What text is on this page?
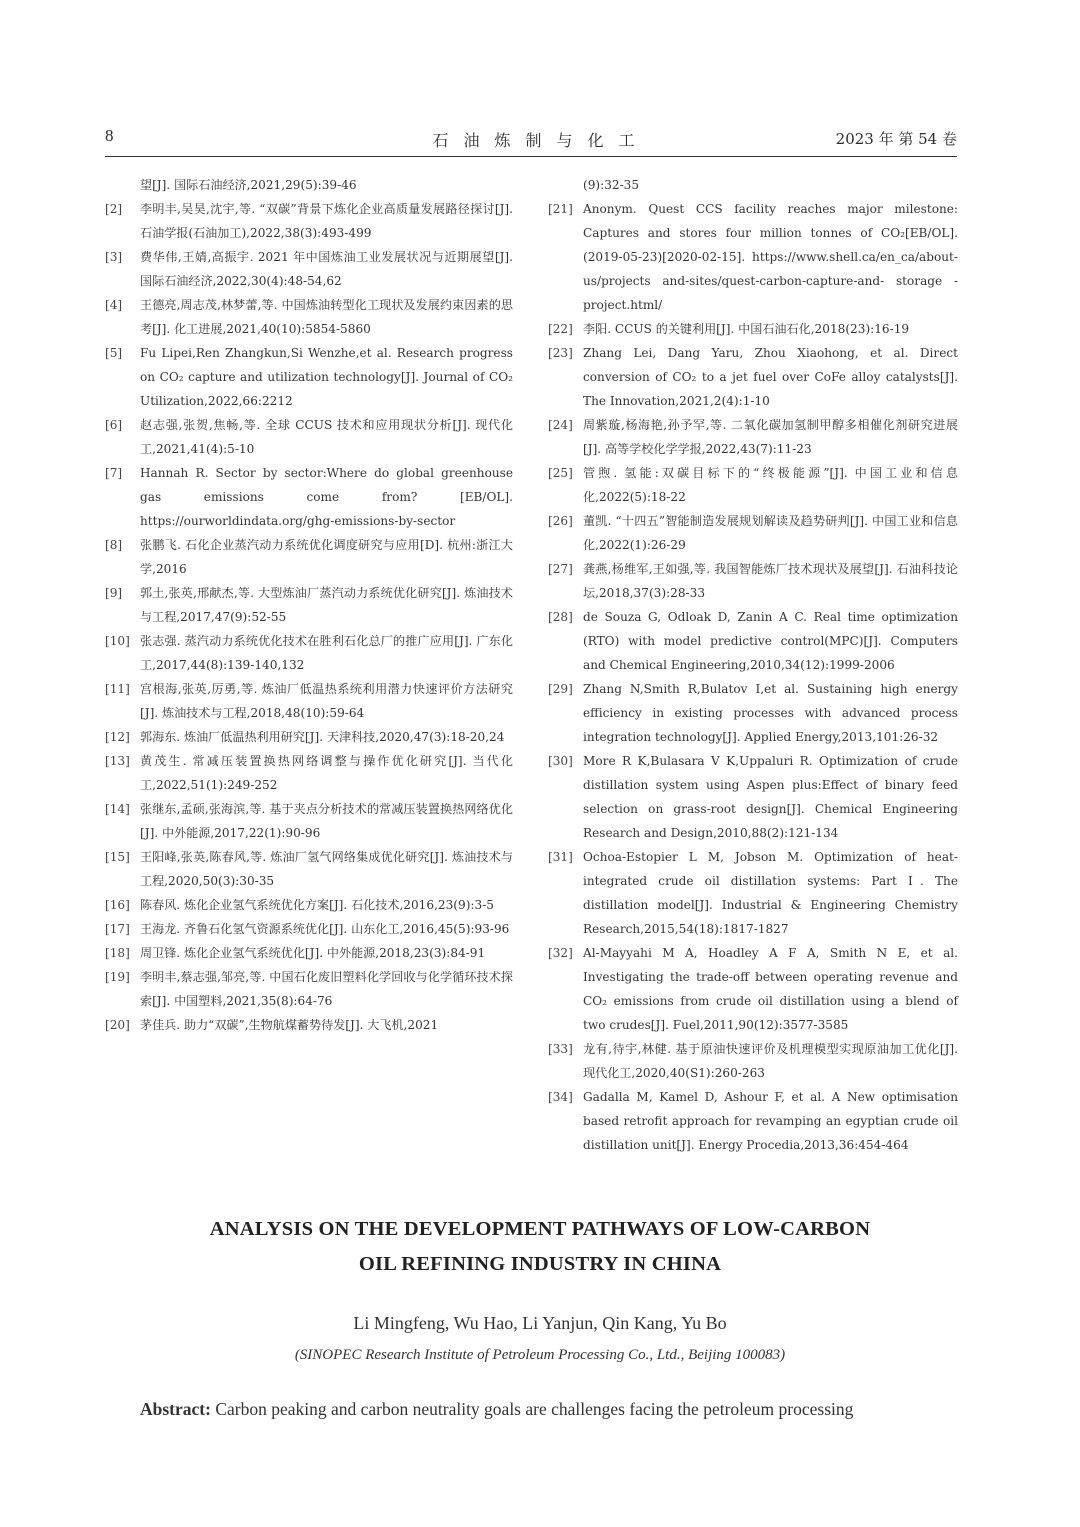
8	石油炼制与化工	2023 年 第 54 卷
望[J]. 国际石油经济,2021,29(5):39-46
[2]	李明丰,吴昊,沈宇,等. “双碳”背景下炼化企业高质量发展路径探讨[J]. 石油学报(石油加工),2022,38(3):493-499
[3]	费华伟,王婧,高振宇. 2021 年中国炼油工业发展状况与近期展望[J]. 国际石油经济,2022,30(4):48-54,62
[4]	王德亮,周志茂,林梦蕾,等. 中国炼油转型化工现状及发展约束因素的思考[J]. 化工进展,2021,40(10):5854-5860
[5]	Fu Lipei,Ren Zhangkun,Si Wenzhe,et al. Research progress on CO₂ capture and utilization technology[J]. Journal of CO₂ Utilization,2022,66:2212
[6]	赵志强,张贺,焦畅,等. 全球 CCUS 技术和应用现状分析[J]. 现代化工,2021,41(4):5-10
[7]	Hannah R. Sector by sector:Where do global greenhouse gas emissions come from? [EB/OL]. https://ourworldindata.org/ghg-emissions-by-sector
[8]	张鹏飞. 石化企业蒸汽动力系统优化调度研究与应用[D]. 杭州:浙江大学,2016
[9]	郭土,张英,邢献杰,等. 大型炼油厂蒸汽动力系统优化研究[J]. 炼油技术与工程,2017,47(9):52-55
[10] 张志强. 蒸汽动力系统优化技术在胜利石化总厂的推广应用[J]. 广东化工,2017,44(8):139-140,132
[11] 宫根海,张英,厉勇,等. 炼油厂低温热系统利用潜力快速评价方法研究[J]. 炼油技术与工程,2018,48(10):59-64
[12] 郭海东. 炼油厂低温热利用研究[J]. 天津科技,2020,47(3):18-20,24
[13] 黄茂生. 常减压装置换热网络调整与操作优化研究[J]. 当代化工,2022,51(1):249-252
[14] 张继东,孟硕,张海滨,等. 基于夹点分析技术的常减压装置换热网络优化[J]. 中外能源,2017,22(1):90-96
[15] 王阳峰,张英,陈春风,等. 炼油厂氢气网络集成优化研究[J]. 炼油技术与工程,2020,50(3):30-35
[16] 陈春风. 炼化企业氢气系统优化方案[J]. 石化技术,2016,23(9):3-5
[17] 王海龙. 齐鲁石化氢气资源系统优化[J]. 山东化工,2016,45(5):93-96
[18] 周卫锋. 炼化企业氢气系统优化[J]. 中外能源,2018,23(3):84-91
[19] 李明丰,蔡志强,邹亮,等. 中国石化废旧塑料化学回收与化学循环技术探索[J]. 中国塑料,2021,35(8):64-76
[20] 茅佳兵. 助力“双碳”,生物航煤蓄势待发[J]. 大飞机,2021
(9):32-35
[21] Anonym. Quest CCS facility reaches major milestone: Captures and stores four million tonnes of CO₂[EB/OL]. (2019-05-23)[2020-02-15]. https://www.shell.ca/en_ca/about-us/projects and-sites/quest-carbon-capture-and- storage -project.html/
[22] 李阳. CCUS 的关键利用[J]. 中国石油石化,2018(23):16-19
[23] Zhang Lei, Dang Yaru, Zhou Xiaohong, et al. Direct conversion of CO₂ to a jet fuel over CoFe alloy catalysts[J]. The Innovation,2021,2(4):1-10
[24] 周紫璇,杨海艳,孙予罕,等. 二氧化碳加氢制甲醇多相催化剂研究进展[J]. 高等学校化学学报,2022,43(7):11-23
[25] 管煦. 氢能:双碳目标下的“终极能源”[J]. 中国工业和信息化,2022(5):18-22
[26] 董凯. “十四五”智能制造发展规划解读及趋势研判[J]. 中国工业和信息化,2022(1):26-29
[27] 龚燕,杨维军,王如强,等. 我国智能炼厂技术现状及展望[J]. 石油科技论坛,2018,37(3):28-33
[28] de Souza G, Odloak D, Zanin A C. Real time optimization (RTO) with model predictive control(MPC)[J]. Computers and Chemical Engineering,2010,34(12):1999-2006
[29] Zhang N,Smith R,Bulatov I,et al. Sustaining high energy efficiency in existing processes with advanced process integration technology[J]. Applied Energy,2013,101:26-32
[30] More R K,Bulasara V K,Uppaluri R. Optimization of crude distillation system using Aspen plus:Effect of binary feed selection on grass-root design[J]. Chemical Engineering Research and Design,2010,88(2):121-134
[31] Ochoa-Estopier L M, Jobson M. Optimization of heat-integrated crude oil distillation systems: Part Ⅰ. The distillation model[J]. Industrial & Engineering Chemistry Research,2015,54(18):1817-1827
[32] Al-Mayyahi M A, Hoadley A F A, Smith N E, et al. Investigating the trade-off between operating revenue and CO₂ emissions from crude oil distillation using a blend of two crudes[J]. Fuel,2011,90(12):3577-3585
[33] 龙有,待宇,林健. 基于原油快速评价及机理模型实现原油加工优化[J]. 现代化工,2020,40(S1):260-263
[34] Gadalla M, Kamel D, Ashour F, et al. A New optimisation based retrofit approach for revamping an egyptian crude oil distillation unit[J]. Energy Procedia,2013,36:454-464
ANALYSIS ON THE DEVELOPMENT PATHWAYS OF LOW-CARBON
OIL REFINING INDUSTRY IN CHINA
Li Mingfeng, Wu Hao, Li Yanjun, Qin Kang, Yu Bo
(SINOPEC Research Institute of Petroleum Processing Co., Ltd., Beijing 100083)
Abstract: Carbon peaking and carbon neutrality goals are challenges facing the petroleum processing
